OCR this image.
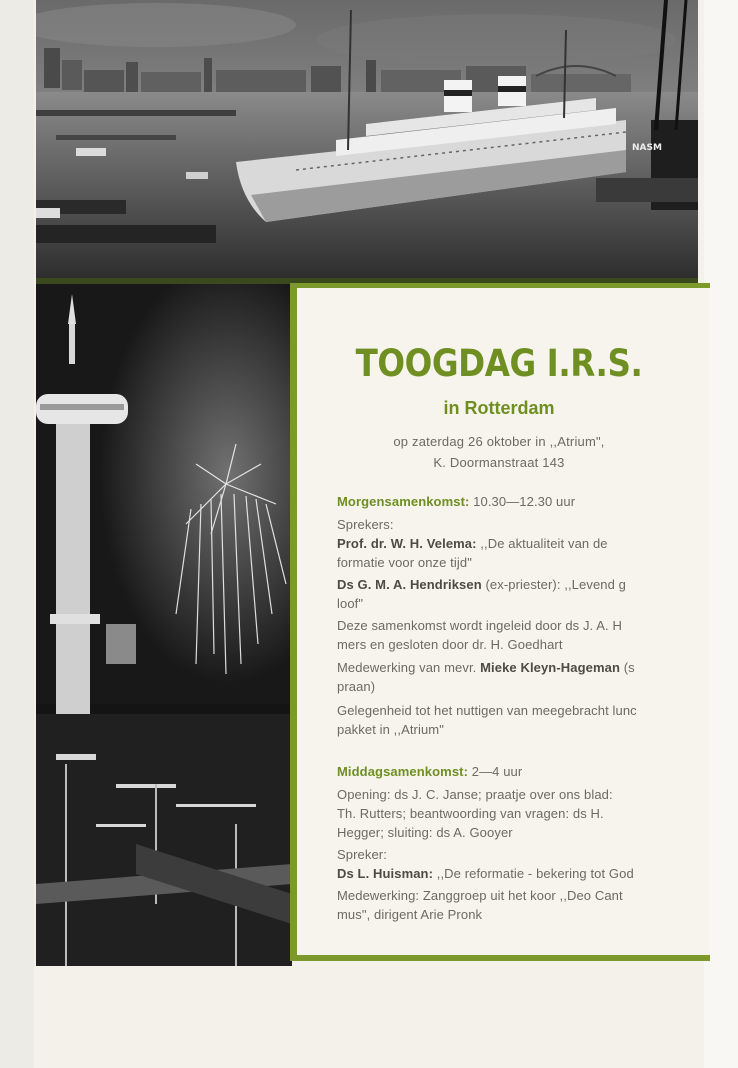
NASM
TOOGDAG I.R.S.
in Rotterdam
op zaterdag 26 oktober in ,,Atrium",
K. Doormanstraat 143
Morgensamenkomst: 10.30—12.30 uur
Sprekers:
Prof. dr. W. H. Velema: ,,De aktualiteit van de
formatie voor onze tijd"
Ds G. M. A. Hendriksen (ex-priester): ,,Levend g
loof"
Deze samenkomst wordt ingeleid door ds J. A. H
mers en gesloten door dr. H. Goedhart
Medewerking van mevr. Mieke Kleyn-Hageman (s
praan)
Gelegenheid tot het nuttigen van meegebracht lunc
pakket in ,,Atrium"
Middagsamenkomst: 2—4 uur
Opening: ds J. C. Janse; praatje over ons blad:
Th. Rutters; beantwoording van vragen: ds H.
Hegger; sluiting: ds A. Gooyer
Spreker:
Ds L. Huisman: ,,De reformatie - bekering tot God
Medewerking: Zanggroep uit het koor ,,Deo Cant
mus", dirigent Arie Pronk
